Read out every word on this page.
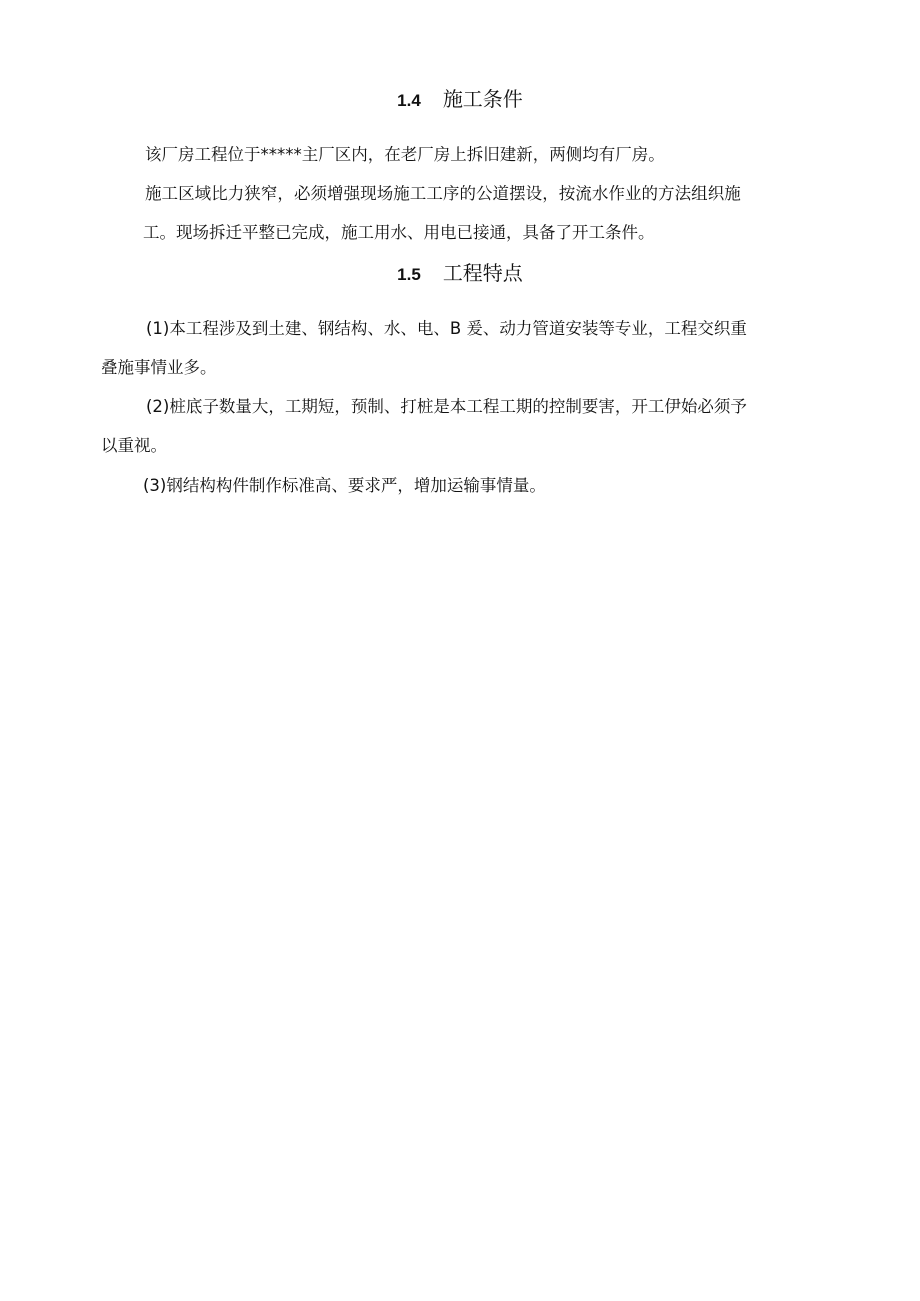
1.4 施工条件
该厂房工程位于*****主厂区内，在老厂房上拆旧建新，两侧均有厂房。
施工区域比力狭窄，必须增强现场施工工序的公道摆设，按流水作业的方法组织施
工。现场拆迁平整已完成，施工用水、用电已接通，具备了开工条件。
1.5 工程特点
(1)本工程涉及到土建、钢结构、水、电、B 爰、动力管道安装等专业，工程交织重
叠施事情业多。
(2)桩底子数量大，工期短，预制、打桩是本工程工期的控制要害，开工伊始必须予
以重视。
(3)钢结构构件制作标准高、要求严，增加运输事情量。
